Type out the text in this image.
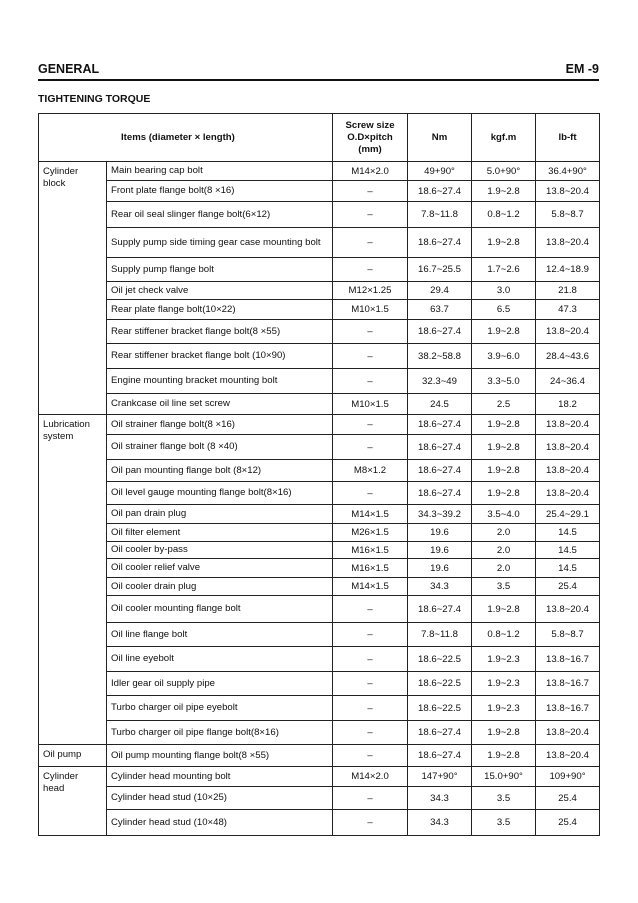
GENERAL	EM -9
TIGHTENING TORQUE
Items (diameter × length)		Screw size
O.D×pitch
(mm)	Nm	kgf.m	lb-ft
Cylinder block	Main bearing cap bolt	M14×2.0	49+90°	5.0+90°	36.4+90°
	Front plate flange bolt(8 ×16)	–	18.6~27.4	1.9~2.8	13.8~20.4
	Rear oil seal slinger flange bolt(6×12)	–	7.8~11.8	0.8~1.2	5.8~8.7
	Supply pump side timing gear case mounting bolt	–	18.6~27.4	1.9~2.8	13.8~20.4
	Supply pump flange bolt	–	16.7~25.5	1.7~2.6	12.4~18.9
	Oil jet check valve	M12×1.25	29.4	3.0	21.8
	Rear plate flange bolt(10×22)	M10×1.5	63.7	6.5	47.3
	Rear stiffener bracket flange bolt(8 ×55)	–	18.6~27.4	1.9~2.8	13.8~20.4
	Rear stiffener bracket flange bolt (10×90)	–	38.2~58.8	3.9~6.0	28.4~43.6
	Engine mounting bracket mounting bolt	–	32.3~49	3.3~5.0	24~36.4
	Crankcase oil line set screw	M10×1.5	24.5	2.5	18.2
Lubrication system	Oil strainer flange bolt(8 ×16)	–	18.6~27.4	1.9~2.8	13.8~20.4
	Oil strainer flange bolt (8 ×40)	–	18.6~27.4	1.9~2.8	13.8~20.4
	Oil pan mounting flange bolt (8×12)	M8×1.2	18.6~27.4	1.9~2.8	13.8~20.4
	Oil level gauge mounting flange bolt(8×16)	–	18.6~27.4	1.9~2.8	13.8~20.4
	Oil pan drain plug	M14×1.5	34.3~39.2	3.5~4.0	25.4~29.1
	Oil filter element	M26×1.5	19.6	2.0	14.5
	Oil cooler by-pass	M16×1.5	19.6	2.0	14.5
	Oil cooler relief valve	M16×1.5	19.6	2.0	14.5
	Oil cooler drain plug	M14×1.5	34.3	3.5	25.4
	Oil cooler mounting flange bolt	–	18.6~27.4	1.9~2.8	13.8~20.4
	Oil line flange bolt	–	7.8~11.8	0.8~1.2	5.8~8.7
	Oil line eyebolt	–	18.6~22.5	1.9~2.3	13.8~16.7
	Idler gear oil supply pipe	–	18.6~22.5	1.9~2.3	13.8~16.7
	Turbo charger oil pipe eyebolt	–	18.6~22.5	1.9~2.3	13.8~16.7
	Turbo charger oil pipe flange bolt(8×16)	–	18.6~27.4	1.9~2.8	13.8~20.4
Oil pump	Oil pump mounting flange bolt(8 ×55)	–	18.6~27.4	1.9~2.8	13.8~20.4
Cylinder head	Cylinder head mounting bolt	M14×2.0	147+90°	15.0+90°	109+90°
	Cylinder head stud (10×25)	–	34.3	3.5	25.4
	Cylinder head stud (10×48)	–	34.3	3.5	25.4
